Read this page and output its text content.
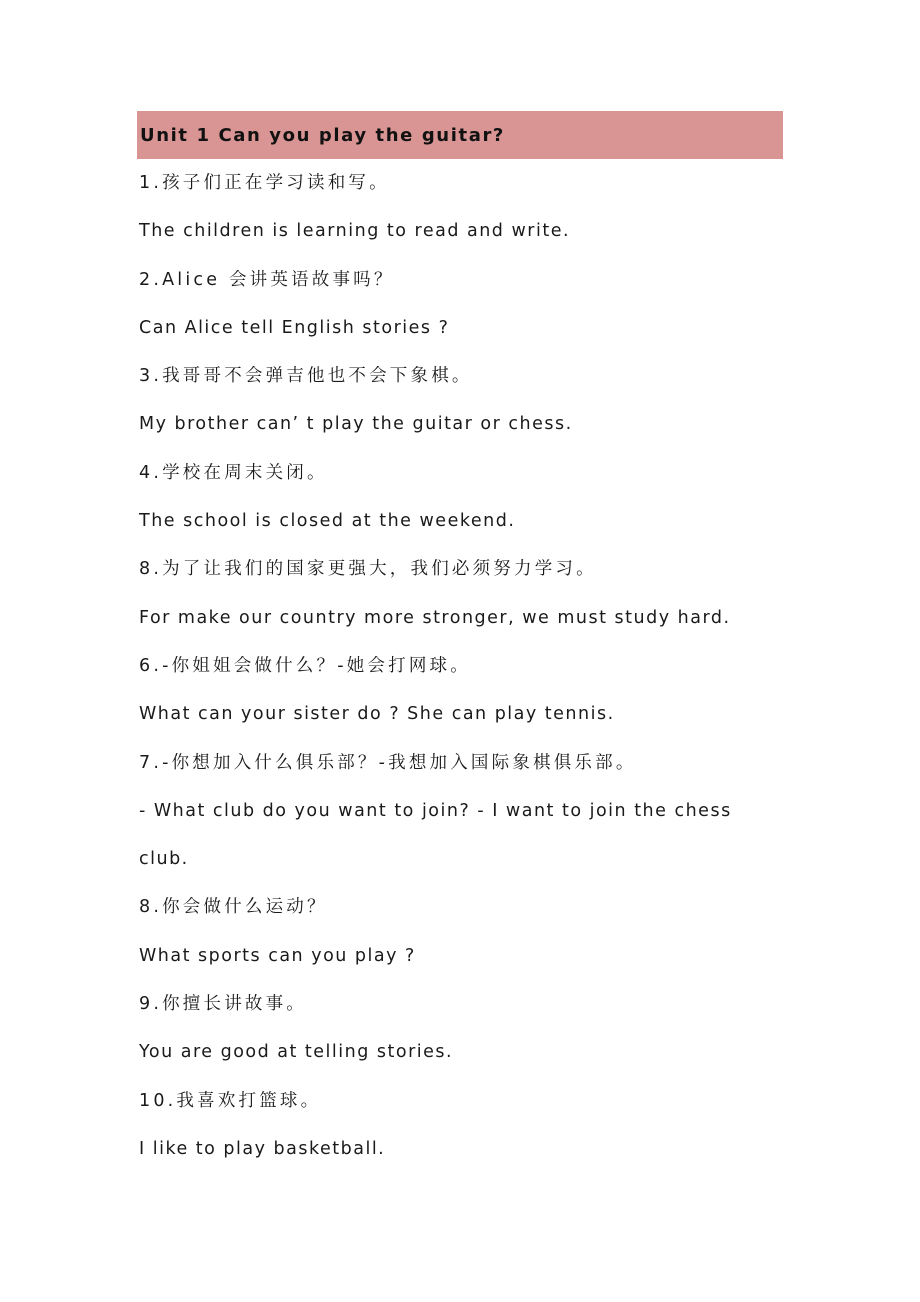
Unit 1 Can you play the guitar?
1.孩子们正在学习读和写。
The children is learning to read and write.
2.Alice 会讲英语故事吗？
Can Alice tell English stories ?
3.我哥哥不会弹吉他也不会下象棋。
My brother can’ t play the guitar or chess.
4.学校在周末关闭。
The school is closed at the weekend.
8.为了让我们的国家更强大，我们必须努力学习。
For make our country more stronger, we must study hard.
6.-你姐姐会做什么？-她会打网球。
What can your sister do ? She can play tennis.
7.-你想加入什么俱乐部？-我想加入国际象棋俱乐部。
- What club do you want to join? - I want to join the chess
club.
8.你会做什么运动？
What sports can you play ?
9.你擅长讲故事。
You are good at telling stories.
10.我喜欢打篮球。
I like to play basketball.
